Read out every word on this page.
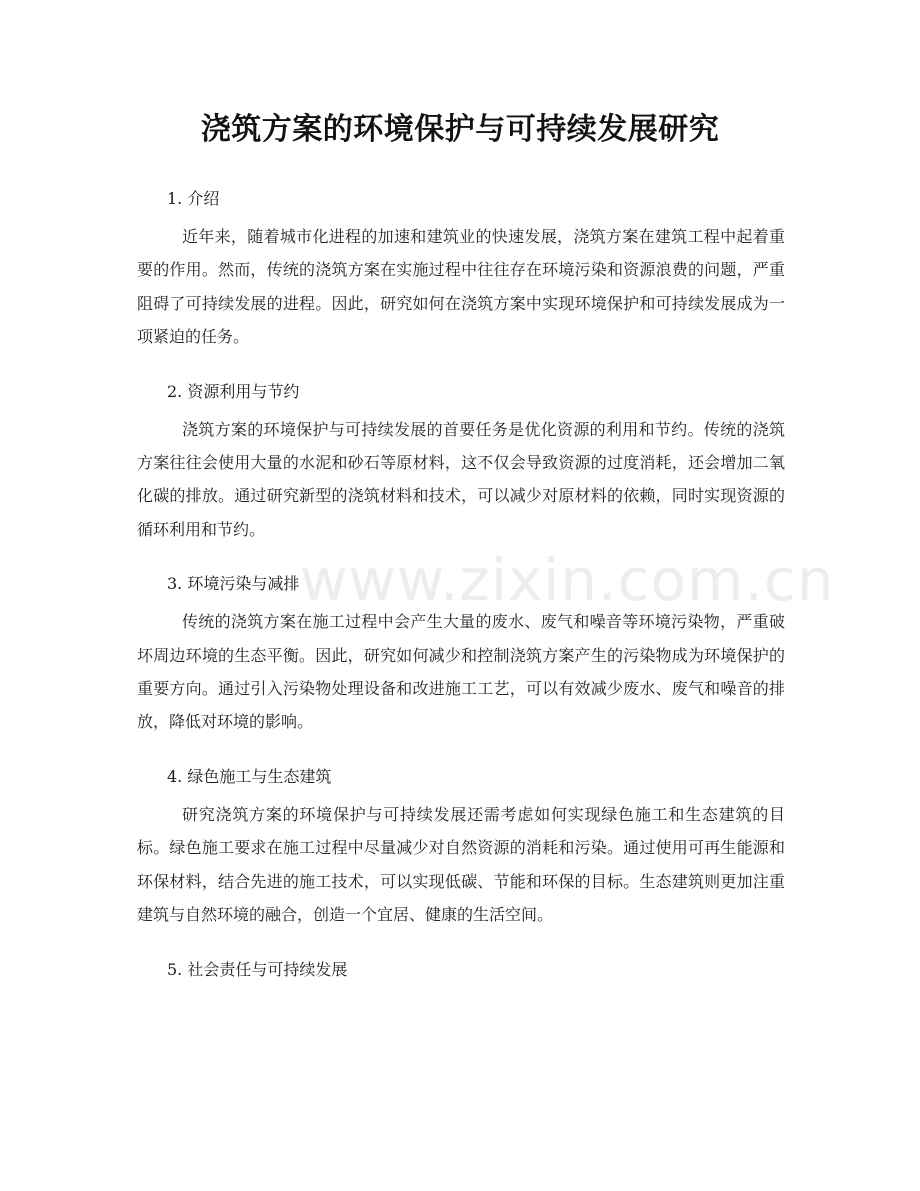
浇筑方案的环境保护与可持续发展研究

1. 介绍

近年来，随着城市化进程的加速和建筑业的快速发展，浇筑方案在建筑工程中起着重要的作用。然而，传统的浇筑方案在实施过程中往往存在环境污染和资源浪费的问题，严重阻碍了可持续发展的进程。因此，研究如何在浇筑方案中实现环境保护和可持续发展成为一项紧迫的任务。

2. 资源利用与节约

浇筑方案的环境保护与可持续发展的首要任务是优化资源的利用和节约。传统的浇筑方案往往会使用大量的水泥和砂石等原材料，这不仅会导致资源的过度消耗，还会增加二氧化碳的排放。通过研究新型的浇筑材料和技术，可以减少对原材料的依赖，同时实现资源的循环利用和节约。

3. 环境污染与减排

传统的浇筑方案在施工过程中会产生大量的废水、废气和噪音等环境污染物，严重破坏周边环境的生态平衡。因此，研究如何减少和控制浇筑方案产生的污染物成为环境保护的重要方向。通过引入污染物处理设备和改进施工工艺，可以有效减少废水、废气和噪音的排放，降低对环境的影响。

4. 绿色施工与生态建筑

研究浇筑方案的环境保护与可持续发展还需考虑如何实现绿色施工和生态建筑的目标。绿色施工要求在施工过程中尽量减少对自然资源的消耗和污染。通过使用可再生能源和环保材料，结合先进的施工技术，可以实现低碳、节能和环保的目标。生态建筑则更加注重建筑与自然环境的融合，创造一个宜居、健康的生活空间。

5. 社会责任与可持续发展

www.zixin.com.cn
